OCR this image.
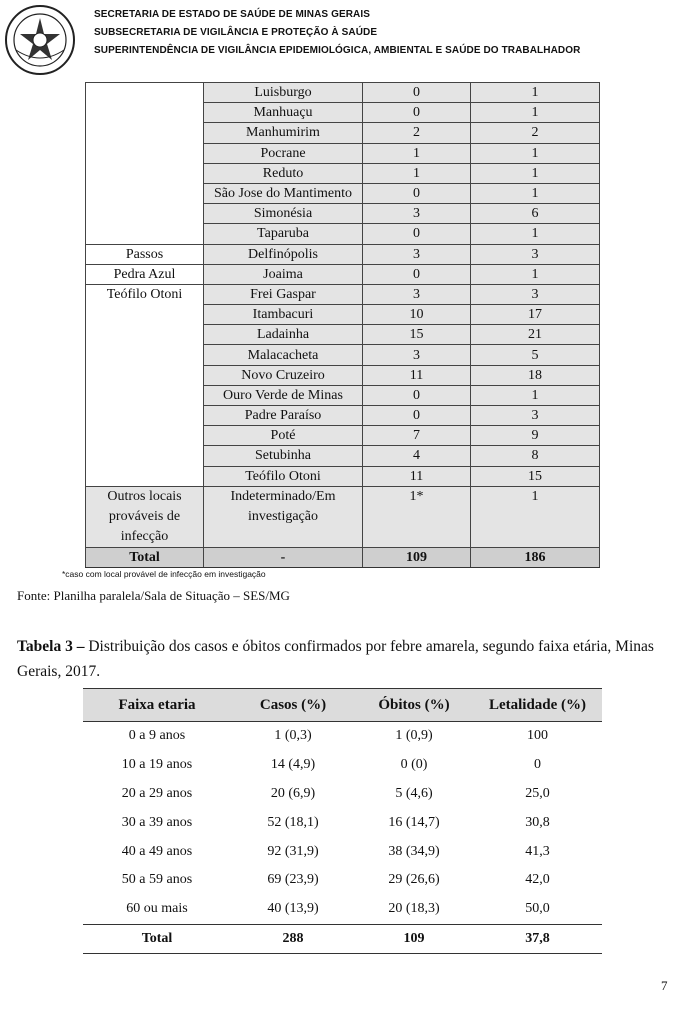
SECRETARIA DE ESTADO DE SAÚDE DE MINAS GERAIS
SUBSECRETARIA DE VIGILÂNCIA E PROTEÇÃO À SAÚDE
SUPERINTENDÊNCIA DE VIGILÂNCIA EPIDEMIOLÓGICA, AMBIENTAL E SAÚDE DO TRABALHADOR
	Luisburgo	0	1
	Manhuaçu	0	1
	Manhumirim	2	2
	Pocrane	1	1
	Reduto	1	1
	São Jose do Mantimento	0	1
	Simonésia	3	6
	Taparuba	0	1
Passos	Delfinópolis	3	3
Pedra Azul	Joaima	0	1
Teófilo Otoni	Frei Gaspar	3	3
	Itambacuri	10	17
	Ladainha	15	21
	Malacacheta	3	5
	Novo Cruzeiro	11	18
	Ouro Verde de Minas	0	1
	Padre Paraíso	0	3
	Poté	7	9
	Setubinha	4	8
	Teófilo Otoni	11	15
Outros locais prováveis de infecção	Indeterminado/Em investigação	1*	1
Total	-	109	186
*caso com local provável de infecção em investigação
Fonte: Planilha paralela/Sala de Situação – SES/MG
Tabela 3 – Distribuição dos casos e óbitos confirmados por febre amarela, segundo faixa etária, Minas Gerais, 2017.
Faixa etaria	Casos (%)	Óbitos (%)	Letalidade (%)
0 a 9 anos	1 (0,3)	1 (0,9)	100
10 a 19 anos	14 (4,9)	0 (0)	0
20 a 29 anos	20 (6,9)	5 (4,6)	25,0
30 a 39 anos	52 (18,1)	16 (14,7)	30,8
40 a 49 anos	92 (31,9)	38 (34,9)	41,3
50 a 59 anos	69 (23,9)	29 (26,6)	42,0
60 ou mais	40 (13,9)	20 (18,3)	50,0
Total	288	109	37,8
7
